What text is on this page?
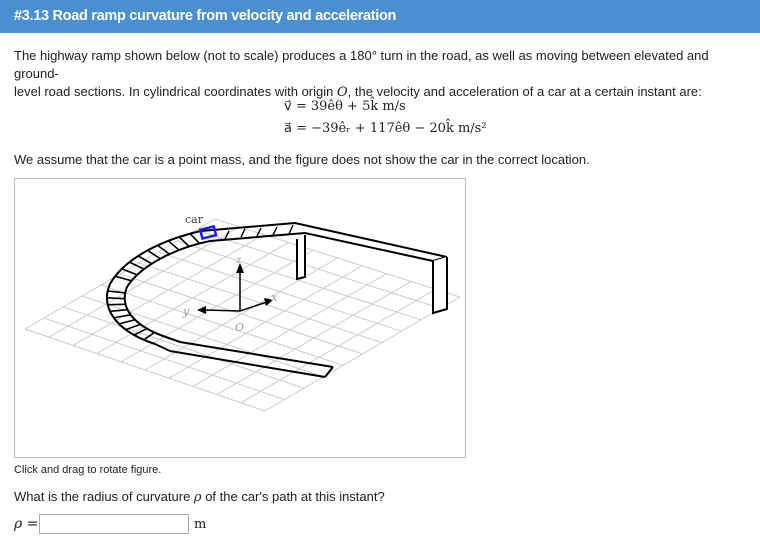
#3.13 Road ramp curvature from velocity and acceleration
The highway ramp shown below (not to scale) produces a 180° turn in the road, as well as moving between elevated and ground-
level road sections. In cylindrical coordinates with origin O, the velocity and acceleration of a car at a certain instant are:
v⃗ = 39êθ + 5k̂ m/s
a⃗ = −39êᵣ + 117êθ − 20k̂ m/s²
We assume that the car is a point mass, and the figure does not show the car in the correct location.
car
z
x
y
O
Click and drag to rotate figure.
What is the radius of curvature ρ of the car's path at this instant?
ρ =	m
